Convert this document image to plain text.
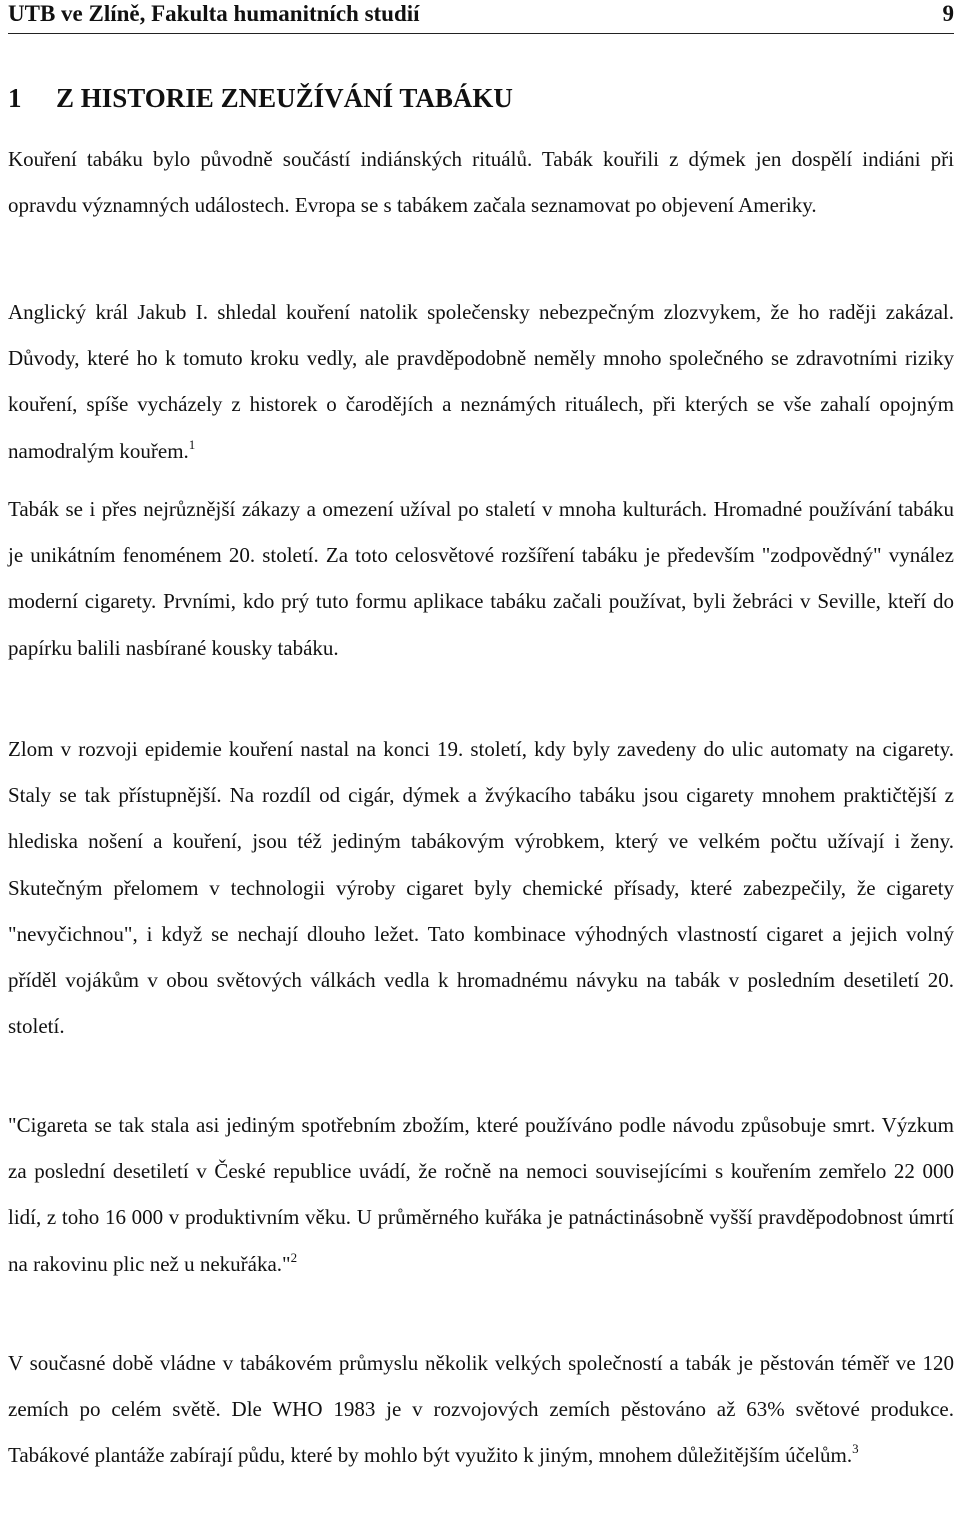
UTB ve Zlíně, Fakulta humanitních studií	9
1 Z HISTORIE ZNEUŽÍVÁNÍ TABÁKU

Kouření tabáku bylo původně součástí indiánských rituálů. Tabák kouřili z dýmek jen dospělí indiáni při opravdu významných událostech. Evropa se s tabákem začala seznamovat po objevení Ameriky.

Anglický král Jakub I. shledal kouření natolik společensky nebezpečným zlozvykem, že ho raději zakázal. Důvody, které ho k tomuto kroku vedly, ale pravděpodobně neměly mnoho společného se zdravotními riziky kouření, spíše vycházely z historek o čarodějích a neznámých rituálech, při kterých se vše zahalí opojným namodralým kouřem.$^1$

Tabák se i přes nejrůznější zákazy a omezení užíval po staletí v mnoha kulturách. Hromadné používání tabáku je unikátním fenoménem 20. století. Za toto celosvětové rozšíření tabáku je především "zodpovědný" vynález moderní cigarety. Prvními, kdo prý tuto formu aplikace tabáku začali používat, byli žebráci v Seville, kteří do papírku balili nasbírané kousky tabáku.

Zlom v rozvoji epidemie kouření nastal na konci 19. století, kdy byly zavedeny do ulic automaty na cigarety. Staly se tak přístupnější. Na rozdíl od cigár, dýmek a žvýkacího tabáku jsou cigarety mnohem praktičtější z hlediska nošení a kouření, jsou též jediným tabákovým výrobkem, který ve velkém počtu užívají i ženy. Skutečným přelomem v technologii výroby cigaret byly chemické přísady, které zabezpečily, že cigarety "nevyčichnou", i když se nechají dlouho ležet. Tato kombinace výhodných vlastností cigaret a jejich volný příděl vojákům v obou světových válkách vedla k hromadnému návyku na tabák v posledním desetiletí 20. století.

"Cigareta se tak stala asi jediným spotřebním zbožím, které používáno podle návodu způsobuje smrt. Výzkum za poslední desetiletí v České republice uvádí, že ročně na nemoci souvisejícími s kouřením zemřelo 22 000 lidí, z toho 16 000 v produktivním věku. U průměrného kuřáka je patnáctinásobně vyšší pravděpodobnost úmrtí na rakovinu plic než u nekuřáka."$^2$

V současné době vládne v tabákovém průmyslu několik velkých společností a tabák je pěstován téměř ve 120 zemích po celém světě. Dle WHO 1983 je v rozvojových zemích pěstováno až 63% světové produkce. Tabákové plantáže zabírají půdu, které by mohlo být využito k jiným, mnohem důležitějším účelům.$^3$
